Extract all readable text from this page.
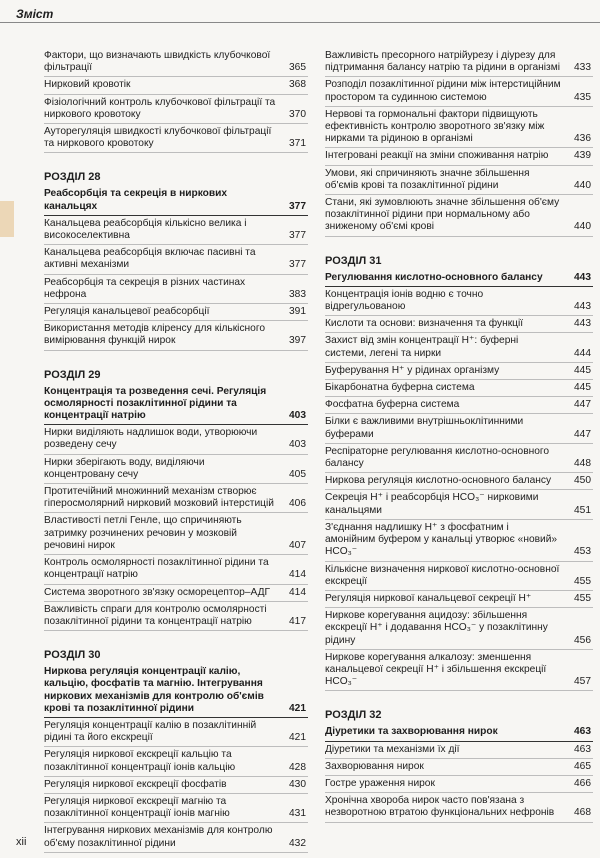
Зміст
Фактори, що визначають швидкість клубочкової фільтрації	365
Нирковий кровотік	368
Фізіологічний контроль клубочкової фільтрації та ниркового кровотоку	370
Ауторегуляція швидкості клубочкової фільтрації та ниркового кровотоку	371
РОЗДІЛ 28
Реабсорбція та секреція в ниркових канальцях	377
Канальцева реабсорбція кількісно велика і високоселективна	377
Канальцева реабсорбція включає пасивні та активні механізми	377
Реабсорбція та секреція в різних частинах нефрона	383
Регуляція канальцевої реабсорбції	391
Використання методів кліренсу для кількісного вимірювання функцій нирок	397
РОЗДІЛ 29
Концентрація та розведення сечі. Регуляція осмолярності позаклітинної рідини та концентрації натрію	403
Нирки виділяють надлишок води, утворюючи розведену сечу	403
Нирки зберігають воду, виділяючи концентровану сечу	405
Протитечійний множинний механізм створює гіперосмолярний нирковий мозковий інтерстицій 406
Властивості петлі Генле, що спричиняють затримку розчинених речовин у мозковій речовині нирок	407
Контроль осмолярності позаклітинної рідини та концентрації натрію	414
Система зворотного зв'язку осморецептор–АДГ	414
Важливість спраги для контролю осмолярності позаклітинної рідини та концентрації натрію	417
РОЗДІЛ 30
Ниркова регуляція концентрації калію, кальцію, фосфатів та магнію. Інтегрування ниркових механізмів для контролю об'ємів крові та позаклітинної рідини	421
Регуляція концентрації калію в позаклітинній рідині та його екскреції	421
Регуляція ниркової екскреції кальцію та позаклітинної концентрації іонів кальцію	428
Регуляція ниркової екскреції фосфатів	430
Регуляція ниркової екскреції магнію та позаклітинної концентрації іонів магнію	431
Інтегрування ниркових механізмів для контролю об'єму позаклітинної рідини	432
Важливість пресорного натрійурезу і діурезу для підтримання балансу натрію та рідини в організмі 433
Розподіл позаклітинної рідини між інтерстиційним простором та судинною системою	435
Нервові та гормональні фактори підвищують ефективність контролю зворотного зв'язку між нирками та рідиною в організмі	436
Інтегровані реакції на зміни споживання натрію	439
Умови, які спричиняють значне збільшення об'ємів крові та позаклітинної рідини	440
Стани, які зумовлюють значне збільшення об'єму позаклітинної рідини при нормальному або зниженому об'ємі крові	440
РОЗДІЛ 31
Регулювання кислотно-основного балансу	443
Концентрація іонів водню є точно відрегульованою	443
Кислоти та основи: визначення та функції	443
Захист від змін концентрації H⁺: буферні системи, легені та нирки	444
Буферування H⁺ у рідинах організму	445
Бікарбонатна буферна система	445
Фосфатна буферна система	447
Білки є важливими внутрішньоклітинними буферами	447
Респіраторне регулювання кислотно-основного балансу	448
Ниркова регуляція кислотно-основного балансу	450
Секреція H⁺ і реабсорбція HCO₃⁻ нирковими канальцями	451
З'єднання надлишку H⁺ з фосфатним і амонійним буфером у канальці утворює «новий» HCO₃⁻	453
Кількісне визначення ниркової кислотно-основної екскреції	455
Регуляція ниркової канальцевої секреції H⁺	455
Ниркове корегування ацидозу: збільшення екскреції H⁺ і додавання HCO₃⁻ у позаклітинну рідину	456
Ниркове корегування алкалозу: зменшення канальцевої секреції H⁺ і збільшення екскреції HCO₃⁻	457
РОЗДІЛ 32
Діуретики та захворювання нирок	463
Діуретики та механізми їх дії	463
Захворювання нирок	465
Гостре ураження нирок	466
Хронічна хвороба нирок часто пов'язана з незворотною втратою функціональних нефронів	468
xii
